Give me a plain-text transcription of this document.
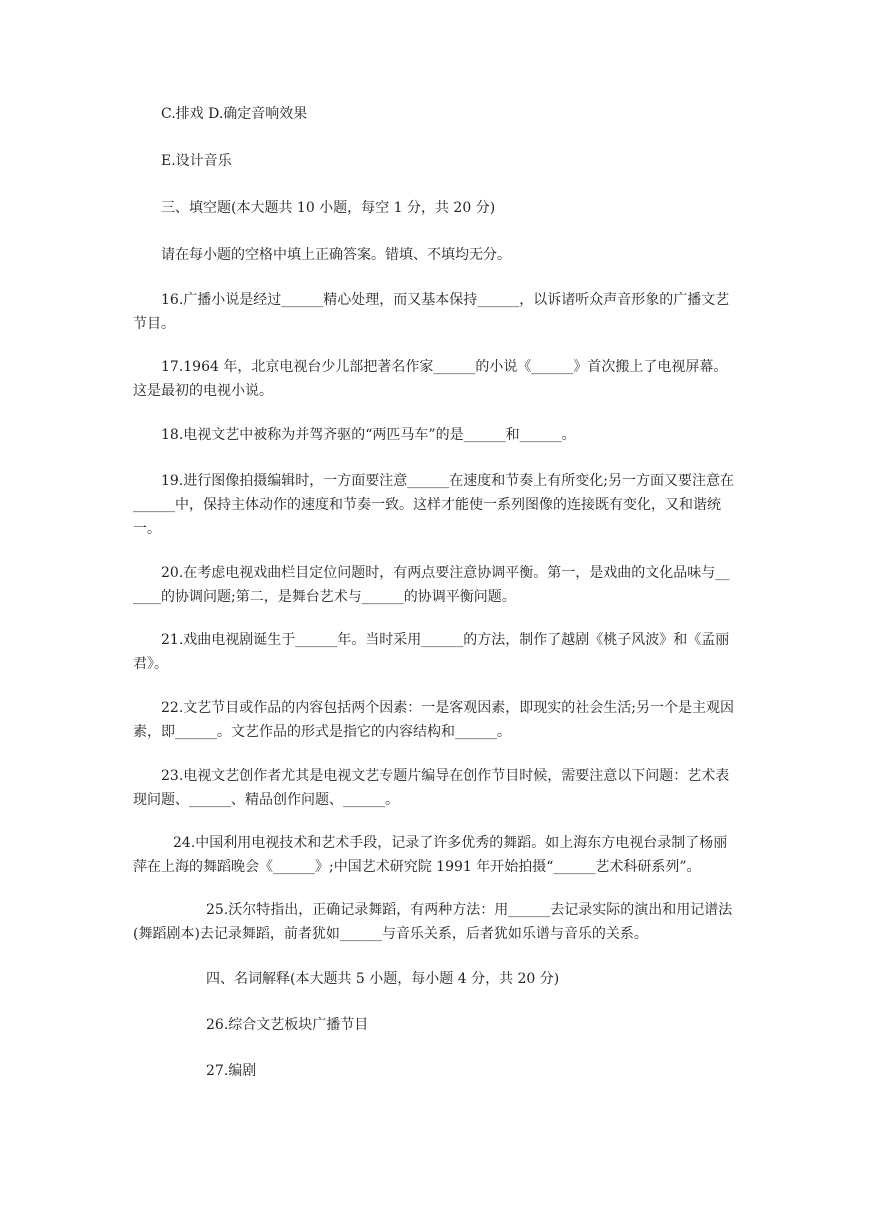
C.排戏 D.确定音响效果

E.设计音乐

三、填空题(本大题共 10 小题，每空 1 分，共 20 分)

请在每小题的空格中填上正确答案。错填、不填均无分。

16.广播小说是经过______精心处理，而又基本保持______，以诉诸听众声音形象的广播文艺节目。

17.1964 年，北京电视台少儿部把著名作家______的小说《______》首次搬上了电视屏幕。这是最初的电视小说。

18.电视文艺中被称为并驾齐驱的“两匹马车”的是______和______。

19.进行图像拍摄编辑时，一方面要注意______在速度和节奏上有所变化;另一方面又要注意在______中，保持主体动作的速度和节奏一致。这样才能使一系列图像的连接既有变化，又和谐统一。

20.在考虑电视戏曲栏目定位问题时，有两点要注意协调平衡。第一，是戏曲的文化品味与______的协调问题;第二，是舞台艺术与______的协调平衡问题。

21.戏曲电视剧诞生于______年。当时采用______的方法，制作了越剧《桃子风波》和《孟丽君》。

22.文艺节目或作品的内容包括两个因素：一是客观因素，即现实的社会生活;另一个是主观因素，即______。文艺作品的形式是指它的内容结构和______。

23.电视文艺创作者尤其是电视文艺专题片编导在创作节目时候，需要注意以下问题：艺术表现问题、______、精品创作问题、______。

24.中国利用电视技术和艺术手段，记录了许多优秀的舞蹈。如上海东方电视台录制了杨丽萍在上海的舞蹈晚会《______》;中国艺术研究院 1991 年开始拍摄“______艺术科研系列”。

25.沃尔特指出，正确记录舞蹈，有两种方法：用______去记录实际的演出和用记谱法(舞蹈剧本)去记录舞蹈，前者犹如______与音乐关系，后者犹如乐谱与音乐的关系。

四、名词解释(本大题共 5 小题，每小题 4 分，共 20 分)

26.综合文艺板块广播节目

27.编剧
